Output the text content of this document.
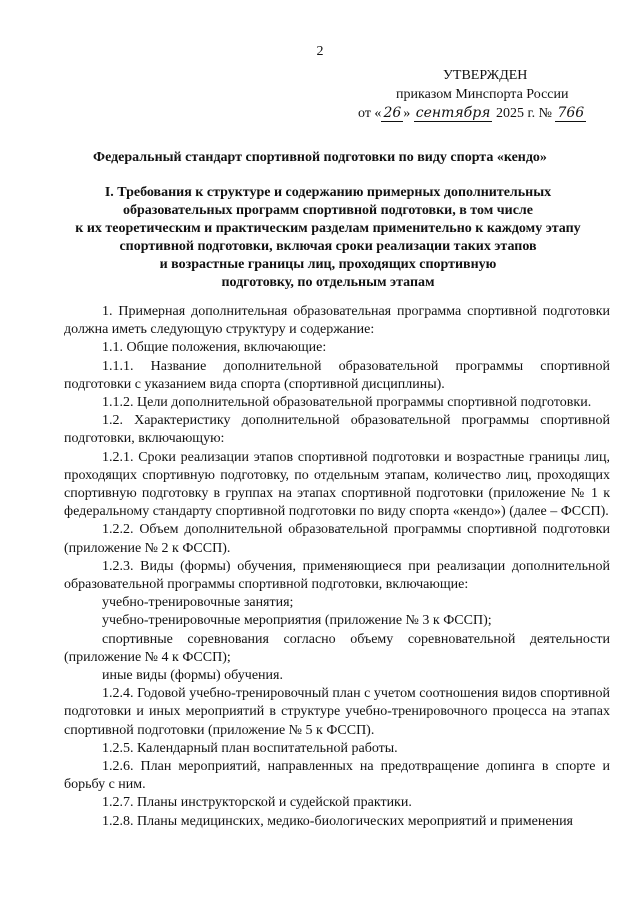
2
УТВЕРЖДЕН
приказом Минспорта России
от « 26 » сентября 2025 г. № 766
Федеральный стандарт спортивной подготовки по виду спорта «кендо»
I. Требования к структуре и содержанию примерных дополнительных
образовательных программ спортивной подготовки, в том числе
к их теоретическим и практическим разделам применительно к каждому этапу
спортивной подготовки, включая сроки реализации таких этапов
и возрастные границы лиц, проходящих спортивную
подготовку, по отдельным этапам

1. Примерная дополнительная образовательная программа спортивной подготовки должна иметь следующую структуру и содержание:

1.1. Общие положения, включающие:

1.1.1. Название дополнительной образовательной программы спортивной подготовки с указанием вида спорта (спортивной дисциплины).

1.1.2. Цели дополнительной образовательной программы спортивной подготовки.

1.2. Характеристику дополнительной образовательной программы спортивной подготовки, включающую:

1.2.1. Сроки реализации этапов спортивной подготовки и возрастные границы лиц, проходящих спортивную подготовку, по отдельным этапам, количество лиц, проходящих спортивную подготовку в группах на этапах спортивной подготовки (приложение № 1 к федеральному стандарту спортивной подготовки по виду спорта «кендо») (далее – ФССП).

1.2.2. Объем дополнительной образовательной программы спортивной подготовки (приложение № 2 к ФССП).

1.2.3. Виды (формы) обучения, применяющиеся при реализации дополнительной образовательной программы спортивной подготовки, включающие:

учебно-тренировочные занятия;

учебно-тренировочные мероприятия (приложение № 3 к ФССП);

спортивные соревнования согласно объему соревновательной деятельности (приложение № 4 к ФССП);

иные виды (формы) обучения.

1.2.4. Годовой учебно-тренировочный план с учетом соотношения видов спортивной подготовки и иных мероприятий в структуре учебно-тренировочного процесса на этапах спортивной подготовки (приложение № 5 к ФССП).

1.2.5. Календарный план воспитательной работы.

1.2.6. План мероприятий, направленных на предотвращение допинга в спорте и борьбу с ним.

1.2.7. Планы инструкторской и судейской практики.

1.2.8. Планы медицинских, медико-биологических мероприятий и применения
